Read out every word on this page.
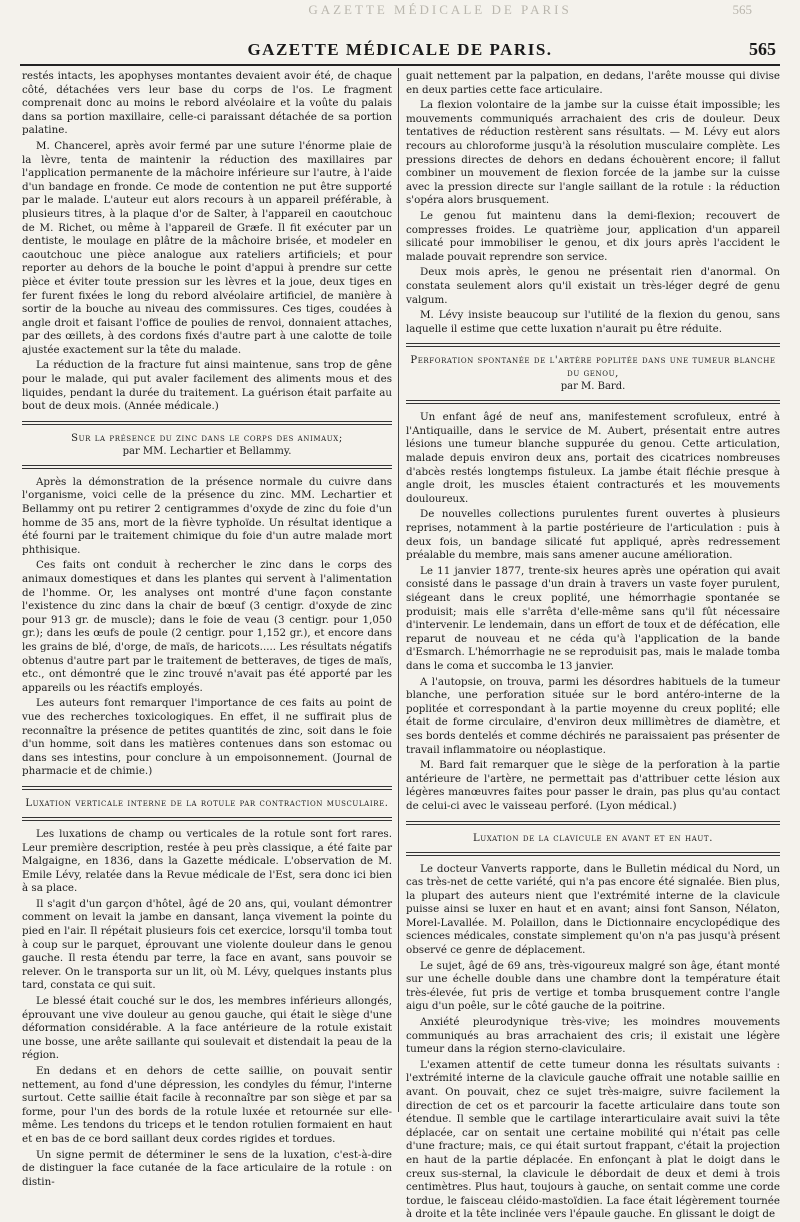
GAZETTE MÉDICALE DE PARIS	565
GAZETTE MÉDICALE DE PARIS.	565

restés intacts, les apophyses montantes devaient avoir été, de chaque côté, détachées vers leur base du corps de l'os. Le fragment comprenait donc au moins le rebord alvéolaire et la voûte du palais dans sa portion maxillaire, celle-ci paraissant détachée de sa portion palatine.

M. Chancerel, après avoir fermé par une suture l'énorme plaie de la lèvre, tenta de maintenir la réduction des maxillaires par l'application permanente de la mâchoire inférieure sur l'autre, à l'aide d'un bandage en fronde. Ce mode de contention ne put être supporté par le malade. L'auteur eut alors recours à un appareil préférable, à plusieurs titres, à la plaque d'or de Salter, à l'appareil en caoutchouc de M. Richet, ou même à l'appareil de Græfe. Il fit exécuter par un dentiste, le moulage en plâtre de la mâchoire brisée, et modeler en caoutchouc une pièce analogue aux rateliers artificiels; et pour reporter au dehors de la bouche le point d'appui à prendre sur cette pièce et éviter toute pression sur les lèvres et la joue, deux tiges en fer furent fixées le long du rebord alvéolaire artificiel, de manière à sortir de la bouche au niveau des commissures. Ces tiges, coudées à angle droit et faisant l'office de poulies de renvoi, donnaient attaches, par des œillets, à des cordons fixés d'autre part à une calotte de toile ajustée exactement sur la tête du malade.

La réduction de la fracture fut ainsi maintenue, sans trop de gêne pour le malade, qui put avaler facilement des aliments mous et des liquides, pendant la durée du traitement. La guérison était parfaite au bout de deux mois. (Année médicale.)

Sur la présence du zinc dans le corps des animaux;
par MM. Lechartier et Bellammy.

Après la démonstration de la présence normale du cuivre dans l'organisme, voici celle de la présence du zinc. MM. Lechartier et Bellammy ont pu retirer 2 centigrammes d'oxyde de zinc du foie d'un homme de 35 ans, mort de la fièvre typhoïde. Un résultat identique a été fourni par le traitement chimique du foie d'un autre malade mort phthisique.

Ces faits ont conduit à rechercher le zinc dans le corps des animaux domestiques et dans les plantes qui servent à l'alimentation de l'homme. Or, les analyses ont montré d'une façon constante l'existence du zinc dans la chair de bœuf (3 centigr. d'oxyde de zinc pour 913 gr. de muscle); dans le foie de veau (3 centigr. pour 1,050 gr.); dans les œufs de poule (2 centigr. pour 1,152 gr.), et encore dans les grains de blé, d'orge, de maïs, de haricots..... Les résultats négatifs obtenus d'autre part par le traitement de betteraves, de tiges de maïs, etc., ont démontré que le zinc trouvé n'avait pas été apporté par les appareils ou les réactifs employés.

Les auteurs font remarquer l'importance de ces faits au point de vue des recherches toxicologiques. En effet, il ne suffirait plus de reconnaître la présence de petites quantités de zinc, soit dans le foie d'un homme, soit dans les matières contenues dans son estomac ou dans ses intestins, pour conclure à un empoisonnement. (Journal de pharmacie et de chimie.)

Luxation verticale interne de la rotule par contraction musculaire.

Les luxations de champ ou verticales de la rotule sont fort rares. Leur première description, restée à peu près classique, a été faite par Malgaigne, en 1836, dans la Gazette médicale. L'observation de M. Emile Lévy, relatée dans la Revue médicale de l'Est, sera donc ici bien à sa place.

Il s'agit d'un garçon d'hôtel, âgé de 20 ans, qui, voulant démontrer comment on levait la jambe en dansant, lança vivement la pointe du pied en l'air. Il répétait plusieurs fois cet exercice, lorsqu'il tomba tout à coup sur le parquet, éprouvant une violente douleur dans le genou gauche. Il resta étendu par terre, la face en avant, sans pouvoir se relever. On le transporta sur un lit, où M. Lévy, quelques instants plus tard, constata ce qui suit.

Le blessé était couché sur le dos, les membres inférieurs allongés, éprouvant une vive douleur au genou gauche, qui était le siège d'une déformation considérable. A la face antérieure de la rotule existait une bosse, une arête saillante qui soulevait et distendait la peau de la région.

En dedans et en dehors de cette saillie, on pouvait sentir nettement, au fond d'une dépression, les condyles du fémur, l'interne surtout. Cette saillie était facile à reconnaître par son siège et par sa forme, pour l'un des bords de la rotule luxée et retournée sur elle-même. Les tendons du triceps et le tendon rotulien formaient en haut et en bas de ce bord saillant deux cordes rigides et tordues.

Un signe permit de déterminer le sens de la luxation, c'est-à-dire de distinguer la face cutanée de la face articulaire de la rotule : on distin-

guait nettement par la palpation, en dedans, l'arête mousse qui divise en deux parties cette face articulaire.

La flexion volontaire de la jambe sur la cuisse était impossible; les mouvements communiqués arrachaient des cris de douleur. Deux tentatives de réduction restèrent sans résultats. — M. Lévy eut alors recours au chloroforme jusqu'à la résolution musculaire complète. Les pressions directes de dehors en dedans échouèrent encore; il fallut combiner un mouvement de flexion forcée de la jambe sur la cuisse avec la pression directe sur l'angle saillant de la rotule : la réduction s'opéra alors brusquement.

Le genou fut maintenu dans la demi-flexion; recouvert de compresses froides. Le quatrième jour, application d'un appareil silicaté pour immobiliser le genou, et dix jours après l'accident le malade pouvait reprendre son service.

Deux mois après, le genou ne présentait rien d'anormal. On constata seulement alors qu'il existait un très-léger degré de genu valgum.

M. Lévy insiste beaucoup sur l'utilité de la flexion du genou, sans laquelle il estime que cette luxation n'aurait pu être réduite.

Perforation spontanée de l'artère poplitée dans une tumeur blanche du genou,
par M. Bard.

Un enfant âgé de neuf ans, manifestement scrofuleux, entré à l'Antiquaille, dans le service de M. Aubert, présentait entre autres lésions une tumeur blanche suppurée du genou. Cette articulation, malade depuis environ deux ans, portait des cicatrices nombreuses d'abcès restés longtemps fistuleux. La jambe était fléchie presque à angle droit, les muscles étaient contracturés et les mouvements douloureux.

De nouvelles collections purulentes furent ouvertes à plusieurs reprises, notamment à la partie postérieure de l'articulation : puis à deux fois, un bandage silicaté fut appliqué, après redressement préalable du membre, mais sans amener aucune amélioration.

Le 11 janvier 1877, trente-six heures après une opération qui avait consisté dans le passage d'un drain à travers un vaste foyer purulent, siégeant dans le creux poplité, une hémorrhagie spontanée se produisit; mais elle s'arrêta d'elle-même sans qu'il fût nécessaire d'intervenir. Le lendemain, dans un effort de toux et de défécation, elle reparut de nouveau et ne céda qu'à l'application de la bande d'Esmarch. L'hémorrhagie ne se reproduisit pas, mais le malade tomba dans le coma et succomba le 13 janvier.

A l'autopsie, on trouva, parmi les désordres habituels de la tumeur blanche, une perforation située sur le bord antéro-interne de la poplitée et correspondant à la partie moyenne du creux poplité; elle était de forme circulaire, d'environ deux millimètres de diamètre, et ses bords dentelés et comme déchirés ne paraissaient pas présenter de travail inflammatoire ou néoplastique.

M. Bard fait remarquer que le siège de la perforation à la partie antérieure de l'artère, ne permettait pas d'attribuer cette lésion aux légères manœuvres faites pour passer le drain, pas plus qu'au contact de celui-ci avec le vaisseau perforé. (Lyon médical.)

Luxation de la clavicule en avant et en haut.

Le docteur Vanverts rapporte, dans le Bulletin médical du Nord, un cas très-net de cette variété, qui n'a pas encore été signalée. Bien plus, la plupart des auteurs nient que l'extrémité interne de la clavicule puisse ainsi se luxer en haut et en avant; ainsi font Sanson, Nélaton, Morel-Lavallée. M. Polaillon, dans le Dictionnaire encyclopédique des sciences médicales, constate simplement qu'on n'a pas jusqu'à présent observé ce genre de déplacement.

Le sujet, âgé de 69 ans, très-vigoureux malgré son âge, étant monté sur une échelle double dans une chambre dont la température était très-élevée, fut pris de vertige et tomba brusquement contre l'angle aigu d'un poêle, sur le côté gauche de la poitrine.

Anxiété pleurodynique très-vive; les moindres mouvements communiqués au bras arrachaient des cris; il existait une légère tumeur dans la région sterno-claviculaire.

L'examen attentif de cette tumeur donna les résultats suivants : l'extrémité interne de la clavicule gauche offrait une notable saillie en avant. On pouvait, chez ce sujet très-maigre, suivre facilement la direction de cet os et parcourir la facette articulaire dans toute son étendue. Il semble que le cartilage interarticulaire avait suivi la tête déplacée, car on sentait une certaine mobilité qui n'était pas celle d'une fracture; mais, ce qui était surtout frappant, c'était la projection en haut de la partie déplacée. En enfonçant à plat le doigt dans le creux sus-sternal, la clavicule le débordait de deux et demi à trois centimètres. Plus haut, toujours à gauche, on sentait comme une corde tordue, le faisceau cléido-mastoïdien. La face était légèrement tournée à droite et la tête inclinée vers l'épaule gauche. En glissant le doigt de
